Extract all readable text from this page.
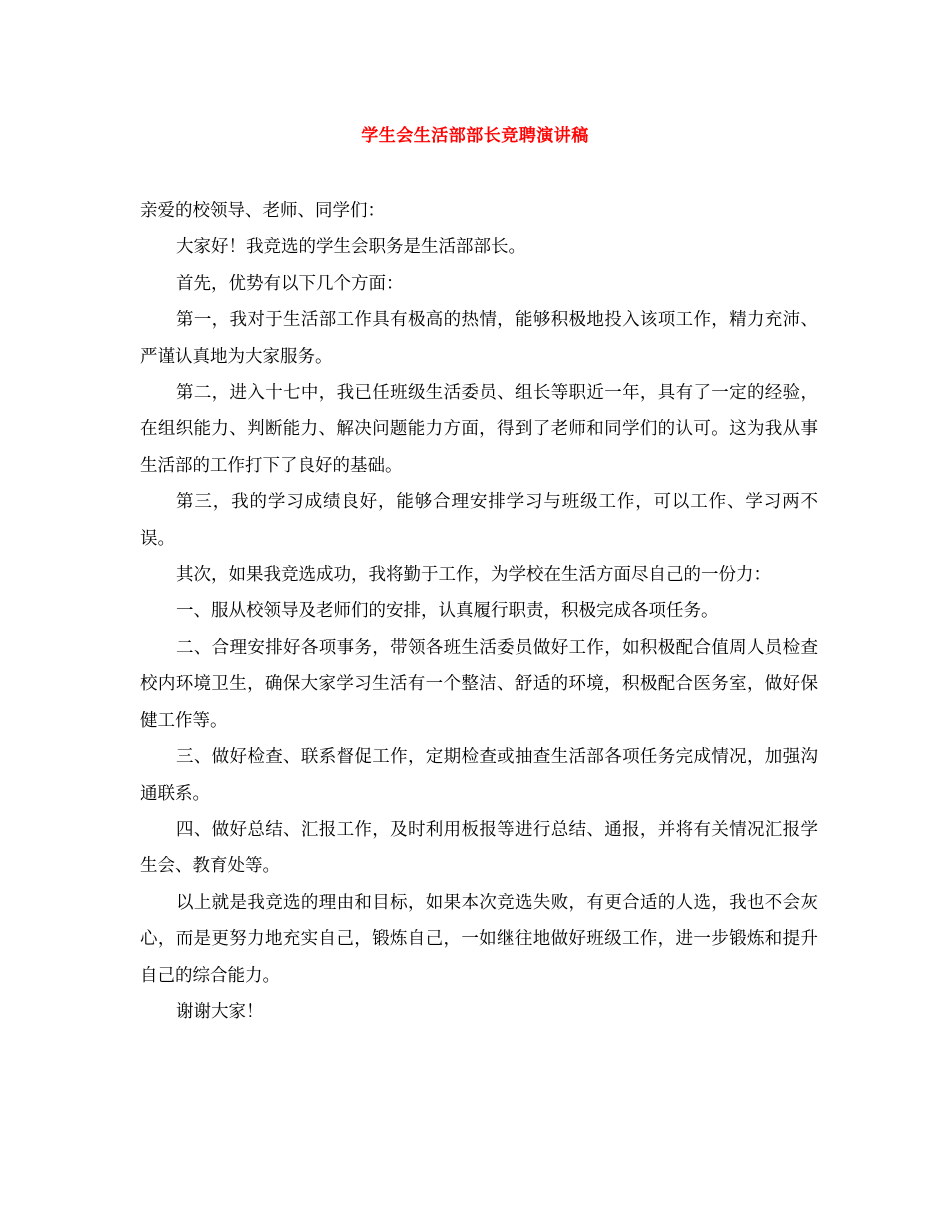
学生会生活部部长竞聘演讲稿

亲爱的校领导、老师、同学们：

大家好！我竞选的学生会职务是生活部部长。

首先，优势有以下几个方面：

第一，我对于生活部工作具有极高的热情，能够积极地投入该项工作，精力充沛、严谨认真地为大家服务。

第二，进入十七中，我已任班级生活委员、组长等职近一年，具有了一定的经验，在组织能力、判断能力、解决问题能力方面，得到了老师和同学们的认可。这为我从事生活部的工作打下了良好的基础。

第三，我的学习成绩良好，能够合理安排学习与班级工作，可以工作、学习两不误。

其次，如果我竞选成功，我将勤于工作，为学校在生活方面尽自己的一份力：

一、服从校领导及老师们的安排，认真履行职责，积极完成各项任务。

二、合理安排好各项事务，带领各班生活委员做好工作，如积极配合值周人员检查校内环境卫生，确保大家学习生活有一个整洁、舒适的环境，积极配合医务室，做好保健工作等。

三、做好检查、联系督促工作，定期检查或抽查生活部各项任务完成情况，加强沟通联系。

四、做好总结、汇报工作，及时利用板报等进行总结、通报，并将有关情况汇报学生会、教育处等。

以上就是我竞选的理由和目标，如果本次竞选失败，有更合适的人选，我也不会灰心，而是更努力地充实自己，锻炼自己，一如继往地做好班级工作，进一步锻炼和提升自己的综合能力。

谢谢大家！
